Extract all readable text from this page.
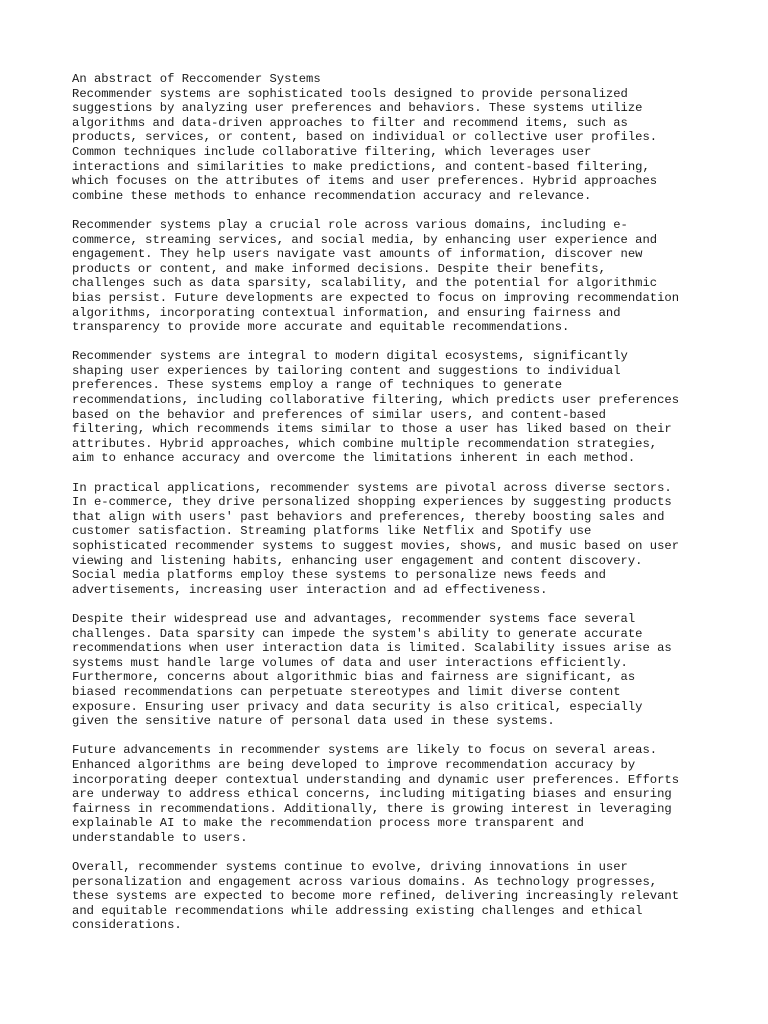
An abstract of Reccomender Systems
Recommender systems are sophisticated tools designed to provide personalized
suggestions by analyzing user preferences and behaviors. These systems utilize
algorithms and data-driven approaches to filter and recommend items, such as
products, services, or content, based on individual or collective user profiles.
Common techniques include collaborative filtering, which leverages user
interactions and similarities to make predictions, and content-based filtering,
which focuses on the attributes of items and user preferences. Hybrid approaches
combine these methods to enhance recommendation accuracy and relevance.
Recommender systems play a crucial role across various domains, including e-
commerce, streaming services, and social media, by enhancing user experience and
engagement. They help users navigate vast amounts of information, discover new
products or content, and make informed decisions. Despite their benefits,
challenges such as data sparsity, scalability, and the potential for algorithmic
bias persist. Future developments are expected to focus on improving recommendation
algorithms, incorporating contextual information, and ensuring fairness and
transparency to provide more accurate and equitable recommendations.
Recommender systems are integral to modern digital ecosystems, significantly
shaping user experiences by tailoring content and suggestions to individual
preferences. These systems employ a range of techniques to generate
recommendations, including collaborative filtering, which predicts user preferences
based on the behavior and preferences of similar users, and content-based
filtering, which recommends items similar to those a user has liked based on their
attributes. Hybrid approaches, which combine multiple recommendation strategies,
aim to enhance accuracy and overcome the limitations inherent in each method.
In practical applications, recommender systems are pivotal across diverse sectors.
In e-commerce, they drive personalized shopping experiences by suggesting products
that align with users' past behaviors and preferences, thereby boosting sales and
customer satisfaction. Streaming platforms like Netflix and Spotify use
sophisticated recommender systems to suggest movies, shows, and music based on user
viewing and listening habits, enhancing user engagement and content discovery.
Social media platforms employ these systems to personalize news feeds and
advertisements, increasing user interaction and ad effectiveness.
Despite their widespread use and advantages, recommender systems face several
challenges. Data sparsity can impede the system's ability to generate accurate
recommendations when user interaction data is limited. Scalability issues arise as
systems must handle large volumes of data and user interactions efficiently.
Furthermore, concerns about algorithmic bias and fairness are significant, as
biased recommendations can perpetuate stereotypes and limit diverse content
exposure. Ensuring user privacy and data security is also critical, especially
given the sensitive nature of personal data used in these systems.
Future advancements in recommender systems are likely to focus on several areas.
Enhanced algorithms are being developed to improve recommendation accuracy by
incorporating deeper contextual understanding and dynamic user preferences. Efforts
are underway to address ethical concerns, including mitigating biases and ensuring
fairness in recommendations. Additionally, there is growing interest in leveraging
explainable AI to make the recommendation process more transparent and
understandable to users.
Overall, recommender systems continue to evolve, driving innovations in user
personalization and engagement across various domains. As technology progresses,
these systems are expected to become more refined, delivering increasingly relevant
and equitable recommendations while addressing existing challenges and ethical
considerations.
